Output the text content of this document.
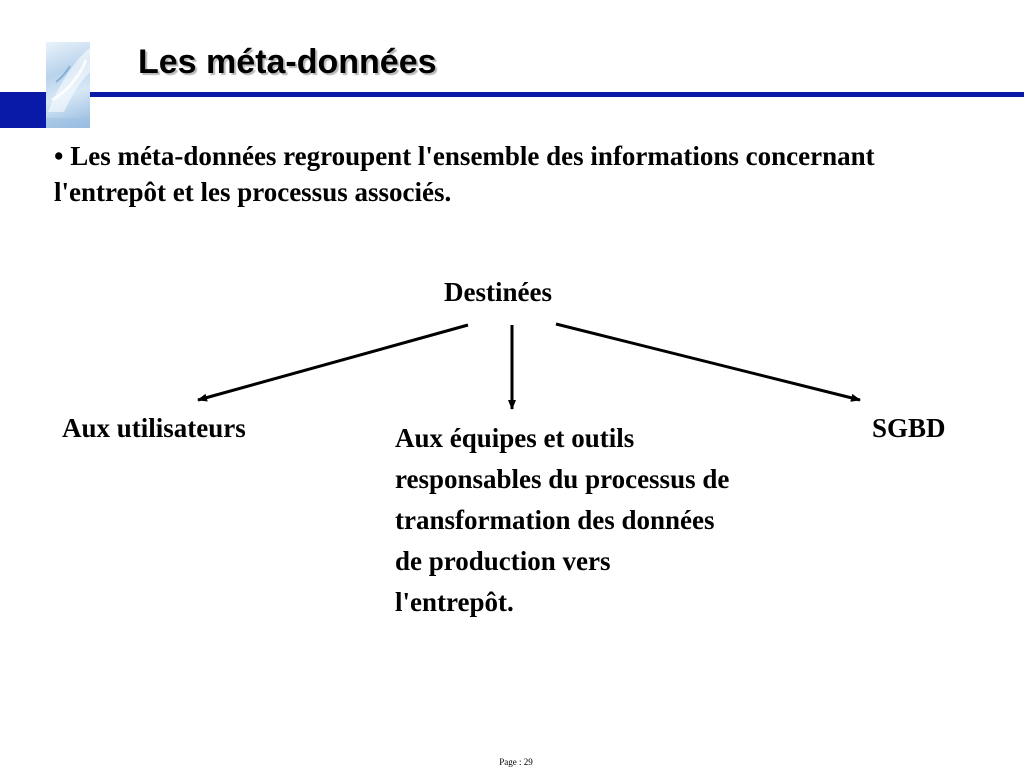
Les méta-données

• Les méta-données regroupent l'ensemble des informations concernant l'entrepôt et les processus associés.

Destinées
Aux utilisateurs	Aux équipes et outils responsables du processus de transformation des données de production vers l'entrepôt.
SGBD
Page : 29
